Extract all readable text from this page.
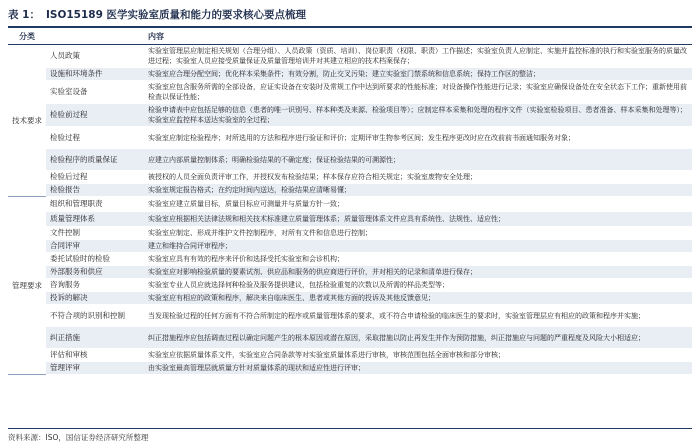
表 1： ISO15189 医学实验室质量和能力的要求核心要点梳理
分类		内容
技术要求	人员政策	实验室管理层应制定相关规划（合理分组）、人员政策（资质、培训）、岗位职责（权限、职责）工作描述；实验室负责人应制定、实施并监控标准的执行和实验室服务的质量改进过程；实验室人员应接受质量保证及质量管理培训并对其建立相应的技术档案保存；
	设施和环境条件	实验室应合理分配空间；优化样本采集条件；有效分割，防止交叉污染；建立实验室门禁系统和信息系统；保持工作区的整洁；
	实验室设备	实验室应包含服务所需的全部设备，应证实设备在安装时及常规工作中达到所要求的性能标准；对设备操作性能进行记录；实验室应确保设备处在安全状态下工作；重新使用前检查以保证性能；
	检验前过程	检验申请表中应包括足够的信息（患者的唯一识别号、样本种类及来源、检验项目等）；应制定样本采集和处理的程序文件（实验室检验项目、患者准备、样本采集和处理等）；实验室应监控样本送达实验室的全过程；
	检验过程	实验室应制定检验程序；对所选用的方法和程序进行验证和评价；定期评审生物参考区间；发生程序更改时应在改前前书面通知服务对象；
	检验程序的质量保证	应建立内部质量控制体系；明确检验结果的不确定度；保证检验结果的可溯源性；
	检验后过程	被授权的人员全面负责评审工作，并授权发布检验结果；样本保存应符合相关规定；实验室废物安全处理；
	检验报告	实验室规定报告格式；在约定时间内送达，检验结果应清晰易懂；
管理要求	组织和管理职责	实验室应建立质量目标，质量目标应可测量并与质量方针一致；
	质量管理体系	实验室应根据相关法律法规和相关技术标准建立质量管理体系；质量管理体系文件应具有系统性、法规性、适应性；
	文件控制	实验室应制定、形成并维护文件控制程序，对所有文件和信息进行控制；
	合同评审	建立和维持合同评审程序；
	委托试验时的检验	实验室应具有有效的程序来评价和选择受托实验室和会诊机构；
	外部服务和供应	实验室应对影响检验质量的要素试剂、供应品和服务的供应商进行评价，并对相关的记录和清单进行保存；
	咨询服务	实验室专业人员应就选择何种检验及服务提供建议，包括检验重复的次数以及所需的样品类型等；
	投诉的解决	实验室应有相应的政策和程序，解决来自临床医生、患者或其他方面的投诉及其他反馈意见；
	不符合项的识别和控制	当发现检验过程的任何方面有不符合所制定的程序或质量管理体系的要求，或不符合申请检验的临床医生的要求时，实验室管理层应有相应的政策和程序并实施；
	纠正措施	纠正措施程序应包括调查过程以确定问题产生的根本原因或潜在原因，采取措施以防止再发生并作为预防措施，纠正措施应与问题的严重程度及风险大小相适应；
	评估和审核	实验室应依据质量体系文件，实验室应合同条款等对实验室质量体系进行审核，审核范围包括全面审核和部分审核；
	管理评审	由实验室最高管理层就质量方针对质量体系的现状和适应性进行评审；
资料来源：ISO，国信证券经济研究所整理
